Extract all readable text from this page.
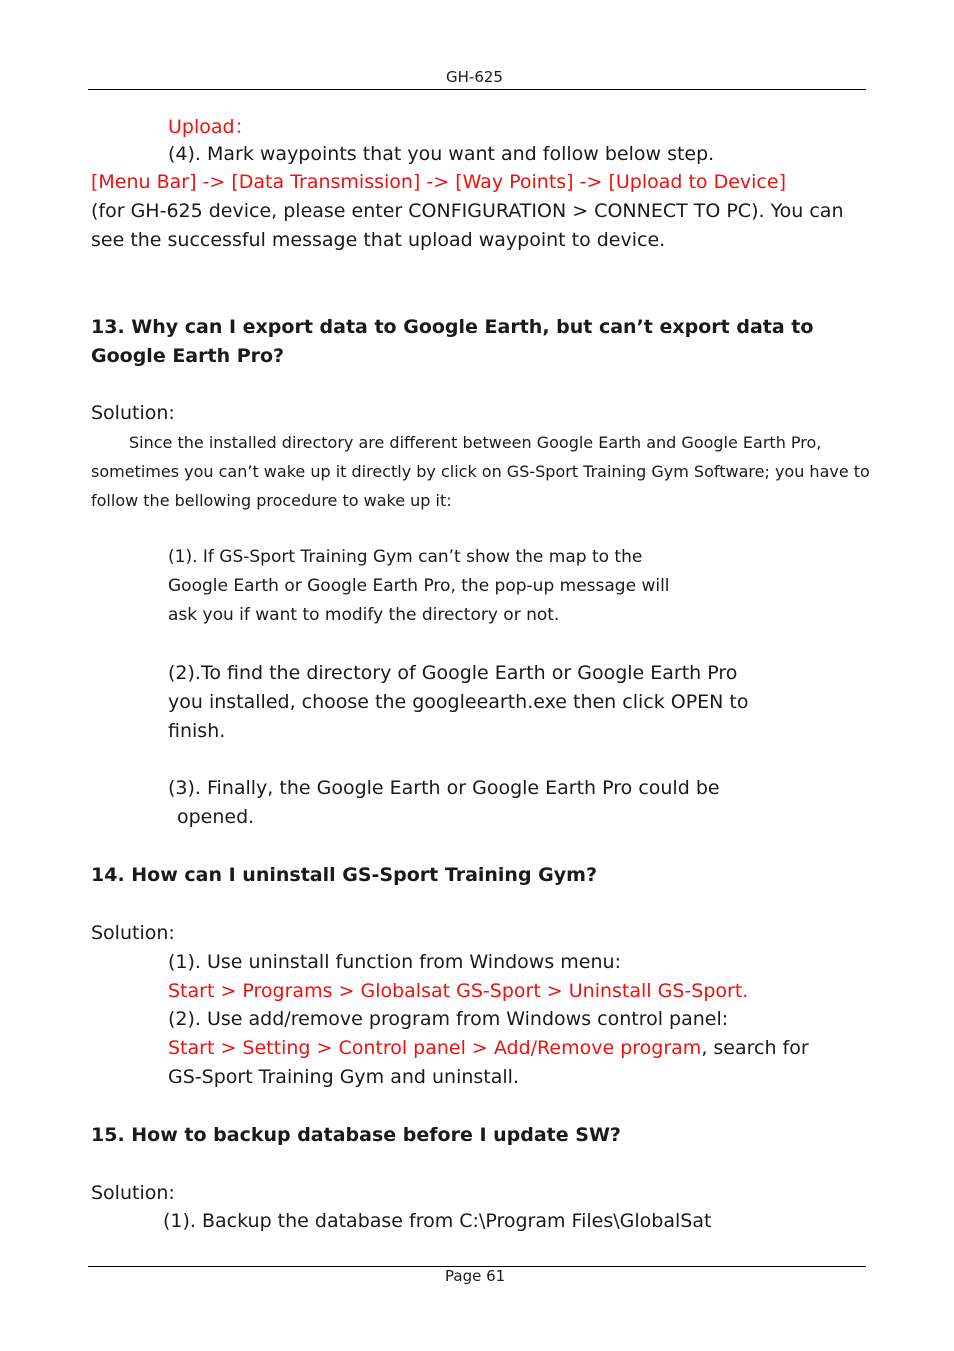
GH-625
Upload：
(4). Mark waypoints that you want and follow below step.
[Menu Bar] -> [Data Transmission] -> [Way Points] -> [Upload to Device]
(for GH-625 device, please enter CONFIGURATION > CONNECT TO PC). You can
see the successful message that upload waypoint to device.
13. Why can I export data to Google Earth, but can’t export data to
Google Earth Pro?
Solution:
Since the installed directory are different between Google Earth and Google Earth Pro,
sometimes you can’t wake up it directly by click on GS-Sport Training Gym Software; you have to
follow the bellowing procedure to wake up it:
(1). If GS-Sport Training Gym can’t show the map to the
Google Earth or Google Earth Pro, the pop-up message will
ask you if want to modify the directory or not.
(2).To find the directory of Google Earth or Google Earth Pro
you installed, choose the googleearth.exe then click OPEN to
finish.
(3). Finally, the Google Earth or Google Earth Pro could be
opened.
14. How can I uninstall GS-Sport Training Gym?
Solution:
(1). Use uninstall function from Windows menu:
Start > Programs > Globalsat GS-Sport > Uninstall GS-Sport.
(2). Use add/remove program from Windows control panel:
Start > Setting > Control panel > Add/Remove program, search for
GS-Sport Training Gym and uninstall.
15. How to backup database before I update SW?
Solution:
(1). Backup the database from C:\Program Files\GlobalSat
Page 61
